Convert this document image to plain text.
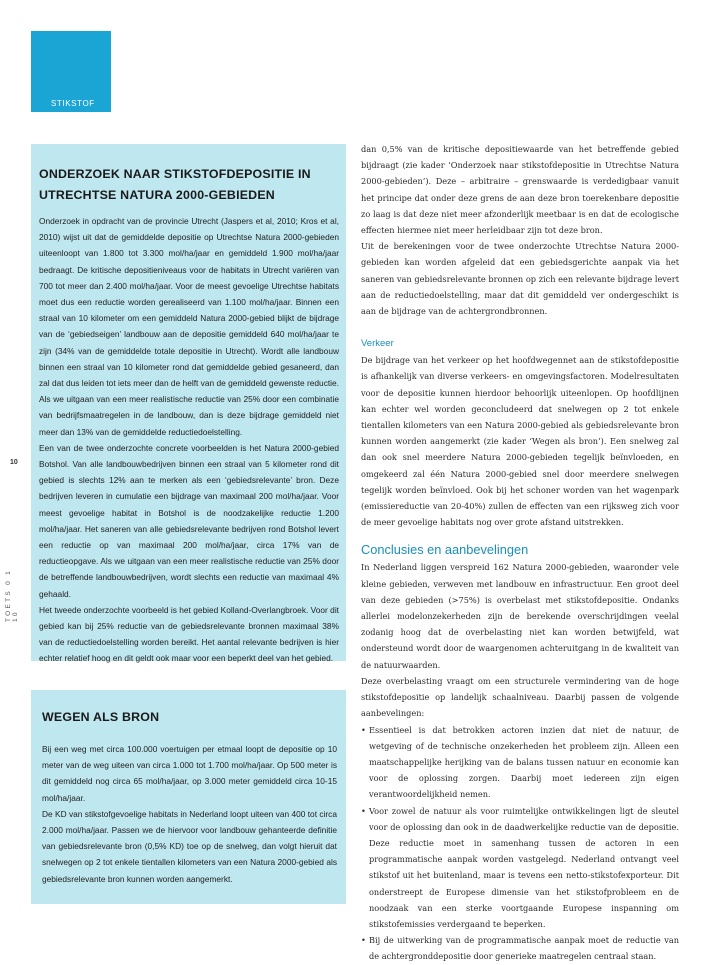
STIKSTOF
10
TOETS 0 1 10
ONDERZOEK NAAR STIKSTOFDEPOSITIE IN UTRECHTSE NATURA 2000-GEBIEDEN

Onderzoek in opdracht van de provincie Utrecht (Jaspers et al, 2010; Kros et al, 2010) wijst uit dat de gemiddelde depositie op Utrechtse Natura 2000-gebieden uiteenloopt van 1.800 tot 3.300 mol/ha/jaar en gemiddeld 1.900 mol/ha/jaar bedraagt. De kritische depositieniveaus voor de habitats in Utrecht variëren van 700 tot meer dan 2.400 mol/ha/jaar. Voor de meest gevoelige Utrechtse habitats moet dus een reductie worden gerealiseerd van 1.100 mol/ha/jaar. Binnen een straal van 10 kilometer om een gemiddeld Natura 2000-gebied blijkt de bijdrage van de ‘gebiedseigen’ landbouw aan de depositie gemiddeld 640 mol/ha/jaar te zijn (34% van de gemiddelde totale depositie in Utrecht). Wordt alle landbouw binnen een straal van 10 kilometer rond dat gemiddelde gebied gesaneerd, dan zal dat dus leiden tot iets meer dan de helft van de gemiddeld gewenste reductie. Als we uitgaan van een meer realistische reductie van 25% door een combinatie van bedrijfsmaatregelen in de landbouw, dan is deze bijdrage gemiddeld niet meer dan 13% van de gemiddelde reductiedoelstelling.

Een van de twee onderzochte concrete voorbeelden is het Natura 2000-gebied Botshol. Van alle landbouwbedrijven binnen een straal van 5 kilometer rond dit gebied is slechts 12% aan te merken als een ‘gebiedsrelevante’ bron. Deze bedrijven leveren in cumulatie een bijdrage van maximaal 200 mol/ha/jaar. Voor meest gevoelige habitat in Botshol is de noodzakelijke reductie 1.200 mol/ha/jaar. Het saneren van alle gebiedsrelevante bedrijven rond Botshol levert een reductie op van maximaal 200 mol/ha/jaar, circa 17% van de reductieopgave. Als we uitgaan van een meer realistische reductie van 25% door de betreffende landbouwbedrijven, wordt slechts een reductie van maximaal 4% gehaald.

Het tweede onderzochte voorbeeld is het gebied Kolland-Overlangbroek. Voor dit gebied kan bij 25% reductie van de gebiedsrelevante bronnen maximaal 38% van de reductiedoelstelling worden bereikt. Het aantal relevante bedrijven is hier echter relatief hoog en dit geldt ook maar voor een beperkt deel van het gebied.

WEGEN ALS BRON

Bij een weg met circa 100.000 voertuigen per etmaal loopt de depositie op 10 meter van de weg uiteen van circa 1.000 tot 1.700 mol/ha/jaar. Op 500 meter is dit gemiddeld nog circa 65 mol/ha/jaar, op 3.000 meter gemiddeld circa 10-15 mol/ha/jaar.

De KD van stikstofgevoelige habitats in Nederland loopt uiteen van 400 tot circa 2.000 mol/ha/jaar. Passen we de hiervoor voor landbouw gehanteerde definitie van gebiedsrelevante bron (0,5% KD) toe op de snelweg, dan volgt hieruit dat snelwegen op 2 tot enkele tientallen kilometers van een Natura 2000-gebied als gebiedsrelevante bron kunnen worden aangemerkt.

dan 0,5% van de kritische depositiewaarde van het betreffende gebied bijdraagt (zie kader ‘Onderzoek naar stikstofdepositie in Utrechtse Natura 2000-gebieden’). Deze – arbitraire – grenswaarde is verdedigbaar vanuit het principe dat onder deze grens de aan deze bron toerekenbare depositie zo laag is dat deze niet meer afzonderlijk meetbaar is en dat de ecologische effecten hiermee niet meer herleidbaar zijn tot deze bron.

Uit de berekeningen voor de twee onderzochte Utrechtse Natura 2000-gebieden kan worden afgeleid dat een gebiedsgerichte aanpak via het saneren van gebiedsrelevante bronnen op zich een relevante bijdrage levert aan de reductiedoelstelling, maar dat dit gemiddeld ver ondergeschikt is aan de bijdrage van de achtergrondbronnen.

Verkeer

De bijdrage van het verkeer op het hoofdwegennet aan de stikstofdepositie is afhankelijk van diverse verkeers- en omgevingsfactoren. Modelresultaten voor de depositie kunnen hierdoor behoorlijk uiteenlopen. Op hoofdlijnen kan echter wel worden geconcludeerd dat snelwegen op 2 tot enkele tientallen kilometers van een Natura 2000-gebied als gebiedsrelevante bron kunnen worden aangemerkt (zie kader ‘Wegen als bron’). Een snelweg zal dan ook snel meerdere Natura 2000-gebieden tegelijk beïnvloeden, en omgekeerd zal één Natura 2000-gebied snel door meerdere snelwegen tegelijk worden beïnvloed. Ook bij het schoner worden van het wagenpark (emissiereductie van 20-40%) zullen de effecten van een rijksweg zich voor de meer gevoelige habitats nog over grote afstand uitstrekken.

Conclusies en aanbevelingen

In Nederland liggen verspreid 162 Natura 2000-gebieden, waaronder vele kleine gebieden, verweven met landbouw en infrastructuur. Een groot deel van deze gebieden (>75%) is overbelast met stikstofdepositie. Ondanks allerlei modelonzekerheden zijn de berekende overschrijdingen veelal zodanig hoog dat de overbelasting niet kan worden betwijfeld, wat ondersteund wordt door de waargenomen achteruitgang in de kwaliteit van de natuurwaarden.

Deze overbelasting vraagt om een structurele vermindering van de hoge stikstofdepositie op landelijk schaalniveau. Daarbij passen de volgende aanbevelingen:

• Essentieel is dat betrokken actoren inzien dat niet de natuur, de wetgeving of de technische onzekerheden het probleem zijn. Alleen een maatschappelijke herijking van de balans tussen natuur en economie kan voor de oplossing zorgen. Daarbij moet iedereen zijn eigen verantwoordelijkheid nemen.
• Voor zowel de natuur als voor ruimtelijke ontwikkelingen ligt de sleutel voor de oplossing dan ook in de daadwerkelijke reductie van de depositie. Deze reductie moet in samenhang tussen de actoren in een programmatische aanpak worden vastgelegd. Nederland ontvangt veel stikstof uit het buitenland, maar is tevens een netto-stikstofexporteur. Dit onderstreept de Europese dimensie van het stikstofprobleem en de noodzaak van een sterke voortgaande Europese inspanning om stikstofemissies verdergaand te beperken.
• Bij de uitwerking van de programmatische aanpak moet de reductie van de achtergronddepositie door generieke maatregelen centraal staan.
